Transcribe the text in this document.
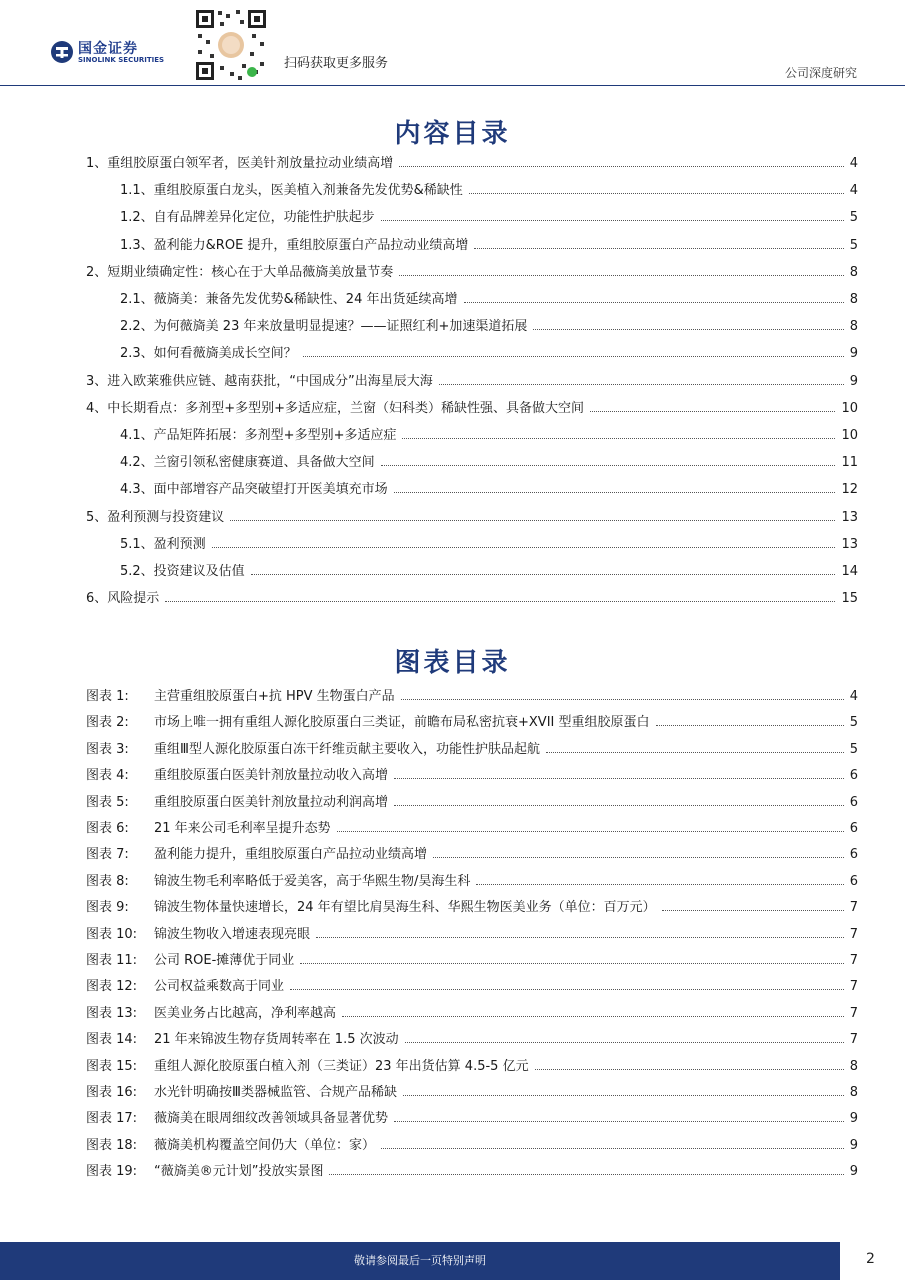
国金证券
SINOLINK SECURITIES	扫码获取更多服务
公司深度研究
内容目录
1、重组胶原蛋白领军者，医美针剂放量拉动业绩高增	4
1.1、重组胶原蛋白龙头，医美植入剂兼备先发优势&稀缺性	4
1.2、自有品牌差异化定位，功能性护肤起步	5
1.3、盈利能力&ROE 提升，重组胶原蛋白产品拉动业绩高增	5
2、短期业绩确定性：核心在于大单品薇旖美放量节奏	8
2.1、薇旖美：兼备先发优势&稀缺性、24 年出货延续高增	8
2.2、为何薇旖美 23 年来放量明显提速？——证照红利+加速渠道拓展	8
2.3、如何看薇旖美成长空间？	9
3、进入欧莱雅供应链、越南获批，“中国成分”出海星辰大海	9
4、中长期看点：多剂型+多型别+多适应症，兰窗（妇科类）稀缺性强、具备做大空间	10
4.1、产品矩阵拓展：多剂型+多型别+多适应症	10
4.2、兰窗引领私密健康赛道、具备做大空间	11
4.3、面中部增容产品突破望打开医美填充市场	12
5、盈利预测与投资建议	13
5.1、盈利预测	13
5.2、投资建议及估值	14
6、风险提示	15
图表目录
图表 1:	主营重组胶原蛋白+抗 HPV 生物蛋白产品	4
图表 2:	市场上唯一拥有重组人源化胶原蛋白三类证，前瞻布局私密抗衰+XVII 型重组胶原蛋白	5
图表 3:	重组Ⅲ型人源化胶原蛋白冻干纤维贡献主要收入，功能性护肤品起航	5
图表 4:	重组胶原蛋白医美针剂放量拉动收入高增	6
图表 5:	重组胶原蛋白医美针剂放量拉动利润高增	6
图表 6:	21 年来公司毛利率呈提升态势	6
图表 7:	盈利能力提升，重组胶原蛋白产品拉动业绩高增	6
图表 8:	锦波生物毛利率略低于爱美客，高于华熙生物/昊海生科	6
图表 9:	锦波生物体量快速增长，24 年有望比肩昊海生科、华熙生物医美业务（单位：百万元）	7
图表 10:	锦波生物收入增速表现亮眼	7
图表 11:	公司 ROE-摊薄优于同业	7
图表 12:	公司权益乘数高于同业	7
图表 13:	医美业务占比越高，净利率越高	7
图表 14:	21 年来锦波生物存货周转率在 1.5 次波动	7
图表 15:	重组人源化胶原蛋白植入剂（三类证）23 年出货估算 4.5-5 亿元	8
图表 16:	水光针明确按Ⅲ类器械监管、合规产品稀缺	8
图表 17:	薇旖美在眼周细纹改善领域具备显著优势	9
图表 18:	薇旖美机构覆盖空间仍大（单位：家）	9
图表 19:	“薇旖美®元计划”投放实景图	9
敬请参阅最后一页特别声明	2
